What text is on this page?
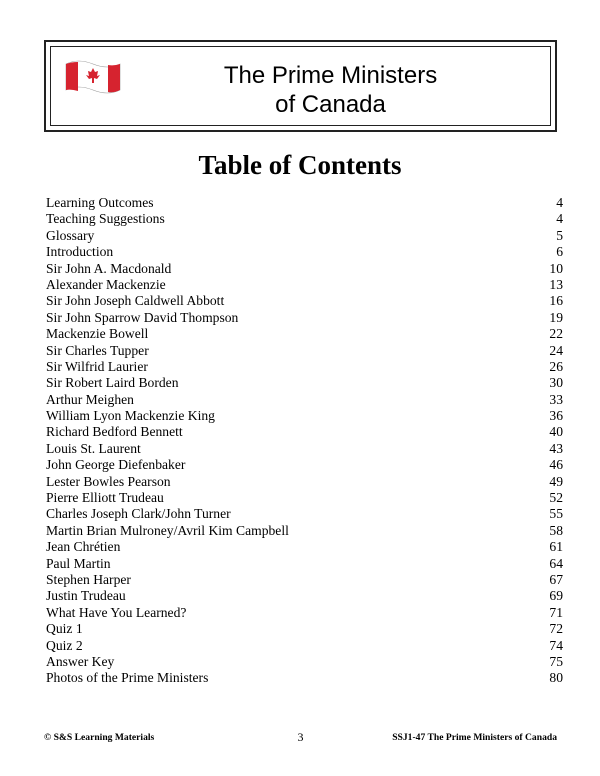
The Prime Ministers
of Canada
Table of Contents
Learning Outcomes	4
Teaching Suggestions	4
Glossary	5
Introduction	6
Sir John A. Macdonald	10
Alexander Mackenzie	13
Sir John Joseph Caldwell Abbott	16
Sir John Sparrow David Thompson	19
Mackenzie Bowell	22
Sir Charles Tupper	24
Sir Wilfrid Laurier	26
Sir Robert Laird Borden	30
Arthur Meighen	33
William Lyon Mackenzie King	36
Richard Bedford Bennett	40
Louis St. Laurent	43
John George Diefenbaker	46
Lester Bowles Pearson	49
Pierre Elliott Trudeau	52
Charles Joseph Clark/John Turner	55
Martin Brian Mulroney/Avril Kim Campbell	58
Jean Chrétien	61
Paul Martin	64
Stephen Harper	67
Justin Trudeau	69
What Have You Learned?	71
Quiz 1	72
Quiz 2	74
Answer Key	75
Photos of the Prime Ministers	80
© S&S Learning Materials	3	SSJ1-47 The Prime Ministers of Canada
